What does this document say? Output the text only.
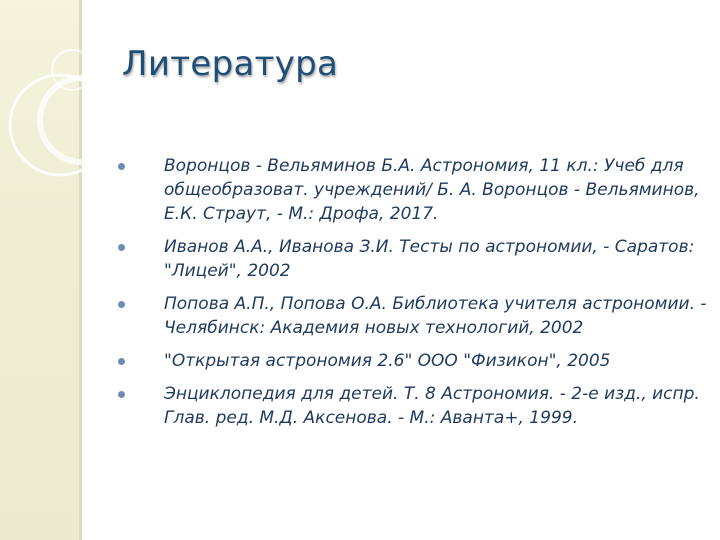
Литература
Воронцов - Вельяминов Б.А. Астрономия, 11 кл.: Учеб для общеобразоват. учреждений/ Б. А. Воронцов - Вельяминов, Е.К. Страут, - М.: Дрофа, 2017.
Иванов А.А., Иванова З.И. Тесты по астрономии, - Саратов: "Лицей", 2002
Попова А.П., Попова О.А. Библиотека учителя астрономии. - Челябинск: Академия новых технологий, 2002
"Открытая астрономия 2.6" ООО "Физикон", 2005
Энциклопедия для детей. Т. 8 Астрономия. - 2-е изд., испр. Глав. ред. М.Д. Аксенова. - М.: Аванта+, 1999.
